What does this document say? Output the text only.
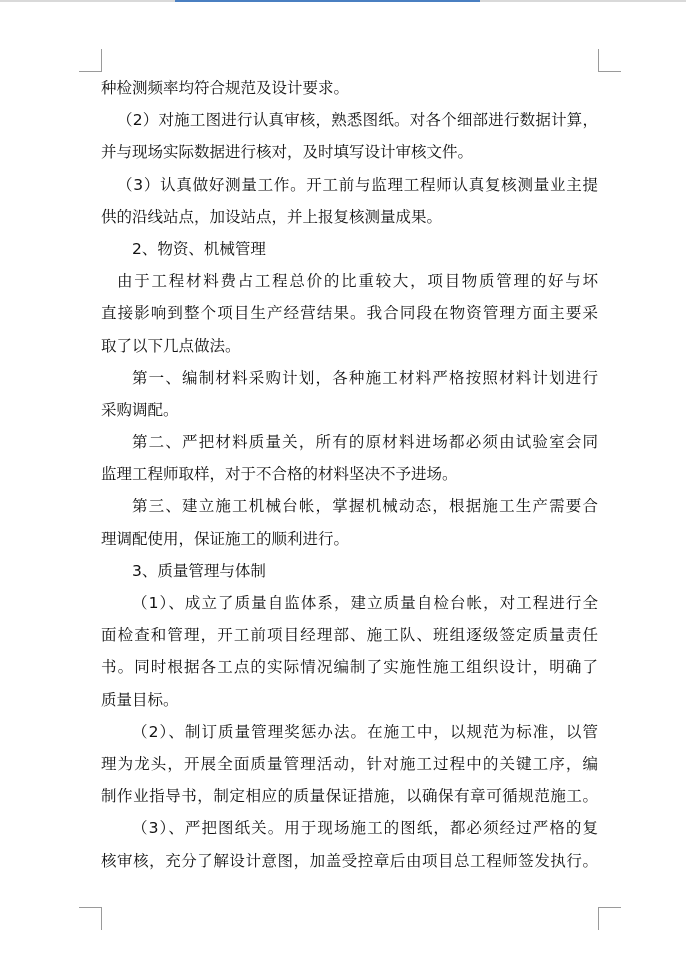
种检测频率均符合规范及设计要求。
（2）对施工图进行认真审核，熟悉图纸。对各个细部进行数据计算，
并与现场实际数据进行核对，及时填写设计审核文件。
（3）认真做好测量工作。开工前与监理工程师认真复核测量业主提
供的沿线站点，加设站点，并上报复核测量成果。
2、物资、机械管理
由于工程材料费占工程总价的比重较大，项目物质管理的好与坏
直接影响到整个项目生产经营结果。我合同段在物资管理方面主要采
取了以下几点做法。
第一、编制材料采购计划，各种施工材料严格按照材料计划进行
采购调配。
第二、严把材料质量关，所有的原材料进场都必须由试验室会同
监理工程师取样，对于不合格的材料坚决不予进场。
第三、建立施工机械台帐，掌握机械动态，根据施工生产需要合
理调配使用，保证施工的顺利进行。
3、质量管理与体制
（1）、成立了质量自监体系，建立质量自检台帐，对工程进行全
面检查和管理，开工前项目经理部、施工队、班组逐级签定质量责任
书。同时根据各工点的实际情况编制了实施性施工组织设计，明确了
质量目标。
（2）、制订质量管理奖惩办法。在施工中，以规范为标准，以管
理为龙头，开展全面质量管理活动，针对施工过程中的关键工序，编
制作业指导书，制定相应的质量保证措施，以确保有章可循规范施工。
（3）、严把图纸关。用于现场施工的图纸，都必须经过严格的复
核审核，充分了解设计意图，加盖受控章后由项目总工程师签发执行。
